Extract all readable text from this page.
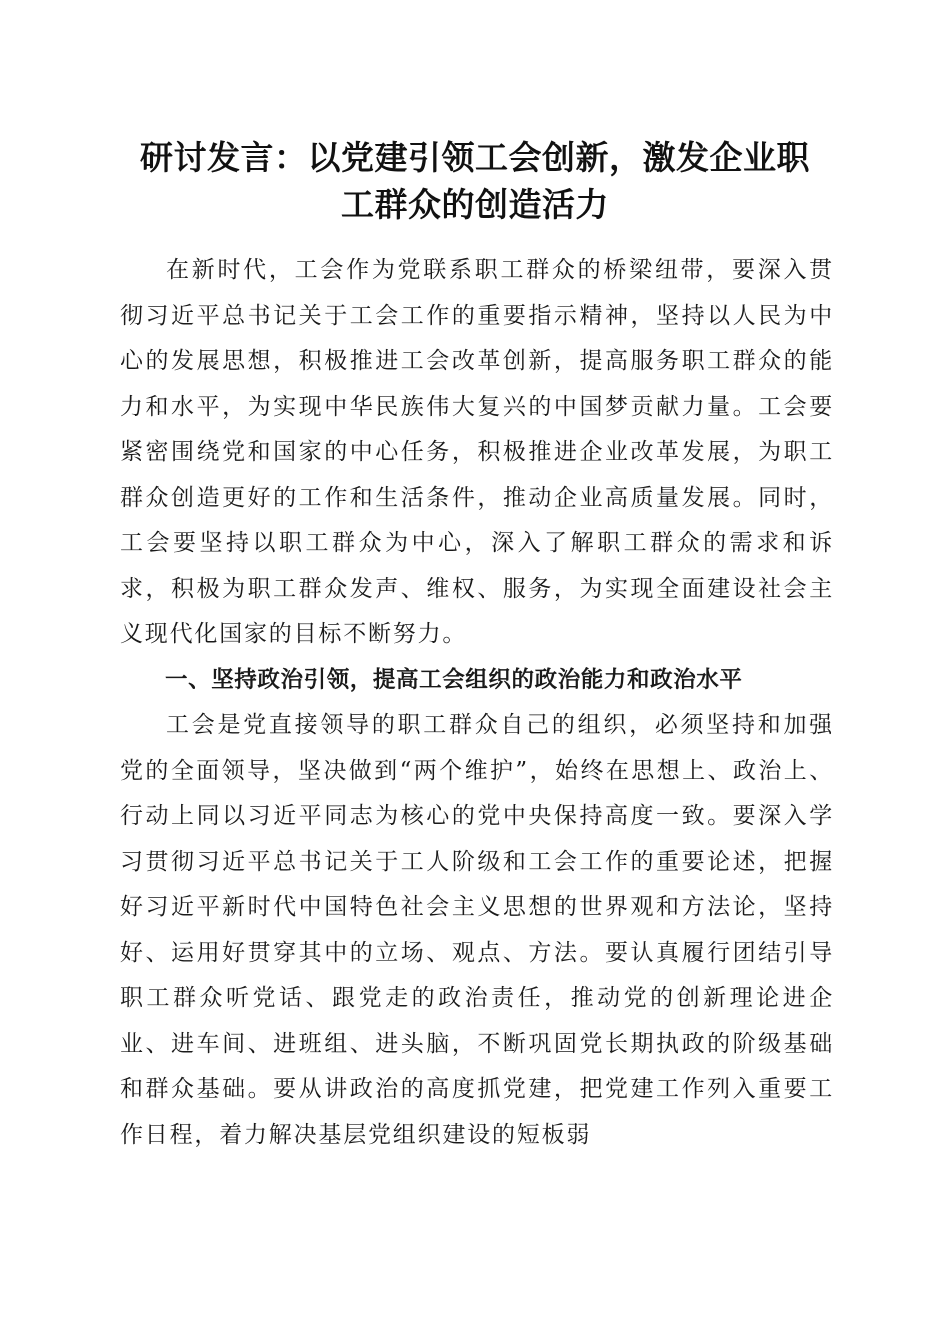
研讨发言：以党建引领工会创新，激发企业职
工群众的创造活力

在新时代，工会作为党联系职工群众的桥梁纽带，要深入贯彻习近平总书记关于工会工作的重要指示精神，坚持以人民为中心的发展思想，积极推进工会改革创新，提高服务职工群众的能力和水平，为实现中华民族伟大复兴的中国梦贡献力量。工会要紧密围绕党和国家的中心任务，积极推进企业改革发展，为职工群众创造更好的工作和生活条件，推动企业高质量发展。同时，工会要坚持以职工群众为中心，深入了解职工群众的需求和诉求，积极为职工群众发声、维权、服务，为实现全面建设社会主义现代化国家的目标不断努力。

一、坚持政治引领，提高工会组织的政治能力和政治水平

工会是党直接领导的职工群众自己的组织，必须坚持和加强党的全面领导，坚决做到“两个维护”，始终在思想上、政治上、行动上同以习近平同志为核心的党中央保持高度一致。要深入学习贯彻习近平总书记关于工人阶级和工会工作的重要论述，把握好习近平新时代中国特色社会主义思想的世界观和方法论，坚持好、运用好贯穿其中的立场、观点、方法。要认真履行团结引导职工群众听党话、跟党走的政治责任，推动党的创新理论进企业、进车间、进班组、进头脑，不断巩固党长期执政的阶级基础和群众基础。要从讲政治的高度抓党建，把党建工作列入重要工作日程，着力解决基层党组织建设的短板弱
